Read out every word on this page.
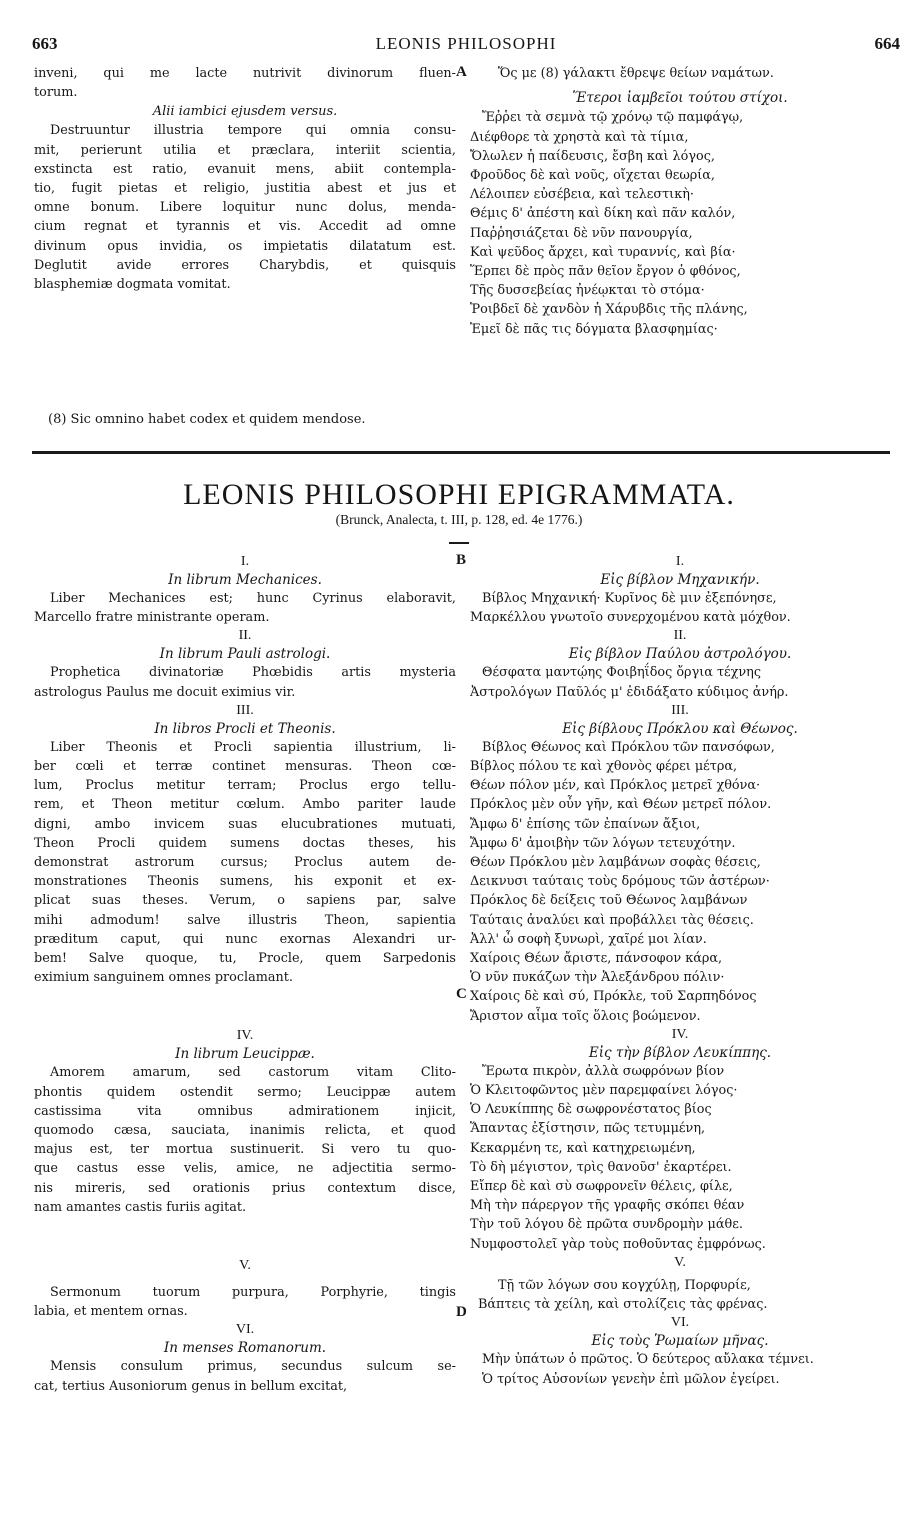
LEONIS PHILOSOPHI
663	664
inveni, qui me lacte nutrivit divinorum fluen-
torum.
Alii iambici ejusdem versus.
Destruuntur illustria tempore qui omnia consu-
mit, perierunt utilia et præclara, interiit scientia,
exstincta est ratio, evanuit mens, abiit contempla-
tio, fugit pietas et religio, justitia abest et jus et
omne bonum. Libere loquitur nunc dolus, menda-
cium regnat et tyrannis et vis. Accedit ad omne
divinum opus invidia, os impietatis dilatatum est.
Deglutit avide errores Charybdis, et quisquis
blasphemiæ dogmata vomitat.
A	Ὅς με (8) γάλακτι ἔθρεψε θείων ναμάτων.
Ἕτεροι ἰαμβεῖοι τούτου στίχοι.
Ἔῤῥει τὰ σεμνὰ τῷ χρόνῳ τῷ παμφάγῳ,
Διέφθορε τὰ χρηστὰ καὶ τὰ τίμια,
Ὄλωλεν ἡ παίδευσις, ἔσβη καὶ λόγος,
Φροῦδος δὲ καὶ νοῦς, οἴχεται θεωρία,
Λέλοιπεν εὐσέβεια, καὶ τελεστικὴ·
Θέμις δ' ἀπέστη καὶ δίκη καὶ πᾶν καλόν,
Παῤῥησιάζεται δὲ νῦν πανουργία,
Καὶ ψεῦδος ἄρχει, καὶ τυραννίς, καὶ βία·
Ἕρπει δὲ πρὸς πᾶν θεῖον ἔργον ὁ φθόνος,
Τῆς δυσσεβείας ἠνέῳκται τὸ στόμα·
Ῥοιβδεῖ δὲ χανδὸν ἡ Χάρυβδις τῆς πλάνης,
Ἐμεῖ δὲ πᾶς τις δόγματα βλασφημίας·
(8) Sic omnino habet codex et quidem mendose.
LEONIS PHILOSOPHI EPIGRAMMATA.
(Brunck, Analecta, t. III, p. 128, ed. 4e 1776.)
B
I.
In librum Mechanices.
Liber Mechanices est; hunc Cyrinus elaboravit,
Marcello fratre ministrante operam.
II.
In librum Pauli astrologi.
Prophetica divinatoriæ Phœbidis artis mysteria
astrologus Paulus me docuit eximius vir.
III.
In libros Procli et Theonis.
Liber Theonis et Procli sapientia illustrium, li-
ber cœli et terræ continet mensuras. Theon cœ-
lum, Proclus metitur terram; Proclus ergo tellu-
rem, et Theon metitur cœlum. Ambo pariter laude
digni, ambo invicem suas elucubrationes mutuati,
Theon Procli quidem sumens doctas theses, his
demonstrat astrorum cursus; Proclus autem de-
monstrationes Theonis sumens, his exponit et ex-
plicat suas theses. Verum, o sapiens par, salve
mihi admodum! salve illustris Theon, sapientia
præditum caput, qui nunc exornas Alexandri ur-
bem! Salve quoque, tu, Procle, quem Sarpedonis
eximium sanguinem omnes proclamant.
IV.
In librum Leucippæ.
Amorem amarum, sed castorum vitam Clito-
phontis quidem ostendit sermo; Leucippæ autem
castissima vita omnibus admirationem injicit,
quomodo cæsa, sauciata, inanimis relicta, et quod
majus est, ter mortua sustinuerit. Si vero tu quo-
que castus esse velis, amice, ne adjectitia sermo-
nis mireris, sed orationis prius contextum disce,
nam amantes castis furiis agitat.
V.
Sermonum tuorum purpura, Porphyrie, tingis
labia, et mentem ornas.
VI.
In menses Romanorum.
Mensis consulum primus, secundus sulcum se-
cat, tertius Ausoniorum genus in bellum excitat,
I.
Εἰς βίβλον Μηχανικήν.
Βίβλος Μηχανική· Κυρῖνος δὲ μιν ἐξεπόνησε,
Μαρκέλλου γνωτοῖο συνερχομένου κατὰ μόχθον.
II.
Εἰς βίβλον Παύλου ἀστρολόγου.
Θέσφατα μαντῴης Φοιβηΐδος ὄργια τέχνης
Ἀστρολόγων Παῦλός μ' ἐδιδάξατο κύδιμος ἀνήρ.
III.
Εἰς βίβλους Πρόκλου καὶ Θέωνος.
Βίβλος Θέωνος καὶ Πρόκλου τῶν πανσόφων,
Βίβλος πόλου τε καὶ χθονὸς φέρει μέτρα,
Θέων πόλον μέν, καὶ Πρόκλος μετρεῖ χθόνα·
Πρόκλος μὲν οὖν γῆν, καὶ Θέων μετρεῖ πόλον.
Ἄμφω δ' ἐπίσης τῶν ἐπαίνων ἄξιοι,
Ἄμφω δ' ἀμοιβὴν τῶν λόγων τετευχότην.
Θέων Πρόκλου μὲν λαμβάνων σοφὰς θέσεις,
Δεικνυσι ταύταις τοὺς δρόμους τῶν ἀστέρων·
Πρόκλος δὲ δείξεις τοῦ Θέωνος λαμβάνων
Ταύταις ἀναλύει καὶ προβάλλει τὰς θέσεις.
Ἀλλ' ὦ σοφὴ ξυνωρὶ, χαῖρέ μοι λίαν.
Χαίροις Θέων ἄριστε, πάνσοφον κάρα,
Ὁ νῦν πυκάζων τὴν Ἀλεξάνδρου πόλιν·
Χαίροις δὲ καὶ σύ, Πρόκλε, τοῦ Σαρπηδόνος
Ἄριστον αἷμα τοῖς ὅλοις βοώμενον.
IV.
Εἰς τὴν βίβλον Λευκίππης.
Ἔρωτα πικρὸν, ἀλλὰ σωφρόνων βίον
Ὁ Κλειτοφῶντος μὲν παρεμφαίνει λόγος·
Ὁ Λευκίππης δὲ σωφρονέστατος βίος
Ἅπαντας ἐξίστησιν, πῶς τετυμμένη,
Κεκαρμένη τε, καὶ κατηχρειωμένη,
Τὸ δὴ μέγιστον, τρὶς θανοῦσ' ἐκαρτέρει.
Εἴπερ δὲ καὶ σὺ σωφρονεῖν θέλεις, φίλε,
Μὴ τὴν πάρεργον τῆς γραφῆς σκόπει θέαν
Τὴν τοῦ λόγου δὲ πρῶτα συνδρομὴν μάθε.
Νυμφοστολεῖ γὰρ τοὺς ποθοῦντας ἐμφρόνως.
V.
Τῇ τῶν λόγων σου κογχύλῃ, Πορφυρίε,
Βάπτεις τὰ χείλη, καὶ στολίζεις τὰς φρένας.
VI.
Εἰς τοὺς Ῥωμαίων μῆνας.
Μὴν ὑπάτων ὁ πρῶτος. Ὁ δεύτερος αὔλακα τέμνει.
Ὁ τρίτος Αὐσονίων γενεὴν ἐπὶ μῶλον ἐγείρει.
C
D
